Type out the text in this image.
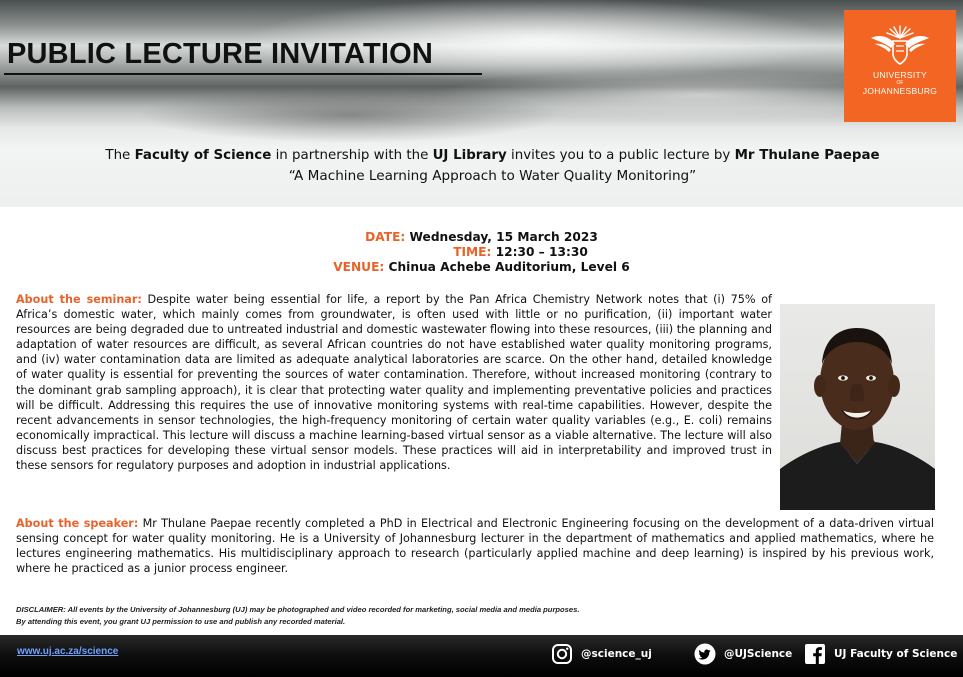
PUBLIC LECTURE INVITATION
UNIVERSITY
OF
JOHANNESBURG
The Faculty of Science in partnership with the UJ Library invites you to a public lecture by Mr Thulane Paepae
“A Machine Learning Approach to Water Quality Monitoring”
DATE: Wednesday, 15 March 2023
TIME: 12:30 – 13:30
VENUE: Chinua Achebe Auditorium, Level 6
About the seminar: Despite water being essential for life, a report by the Pan Africa Chemistry Network notes that (i) 75% of Africa’s domestic water, which mainly comes from groundwater, is often used with little or no purification, (ii) important water resources are being degraded due to untreated industrial and domestic wastewater flowing into these resources, (iii) the planning and adaptation of water resources are difficult, as several African countries do not have established water quality monitoring programs, and (iv) water contamination data are limited as adequate analytical laboratories are scarce. On the other hand, detailed knowledge of water quality is essential for preventing the sources of water contamination. Therefore, without increased monitoring (contrary to the dominant grab sampling approach), it is clear that protecting water quality and implementing preventative policies and practices will be difficult. Addressing this requires the use of innovative monitoring systems with real-time capabilities. However, despite the recent advancements in sensor technologies, the high-frequency monitoring of certain water quality variables (e.g., E. coli) remains economically impractical. This lecture will discuss a machine learning-based virtual sensor as a viable alternative. The lecture will also discuss best practices for developing these virtual sensor models. These practices will aid in interpretability and improved trust in these sensors for regulatory purposes and adoption in industrial applications.
About the speaker: Mr Thulane Paepae recently completed a PhD in Electrical and Electronic Engineering focusing on the development of a data-driven virtual sensing concept for water quality monitoring. He is a University of Johannesburg lecturer in the department of mathematics and applied mathematics, where he lectures engineering mathematics. His multidisciplinary approach to research (particularly applied machine and deep learning) is inspired by his previous work, where he practiced as a junior process engineer.
DISCLAIMER: All events by the University of Johannesburg (UJ) may be photographed and video recorded for marketing, social media and media purposes.
By attending this event, you grant UJ permission to use and publish any recorded material.
www.uj.ac.za/science	@science_uj	@UJScience	UJ Faculty of Science
